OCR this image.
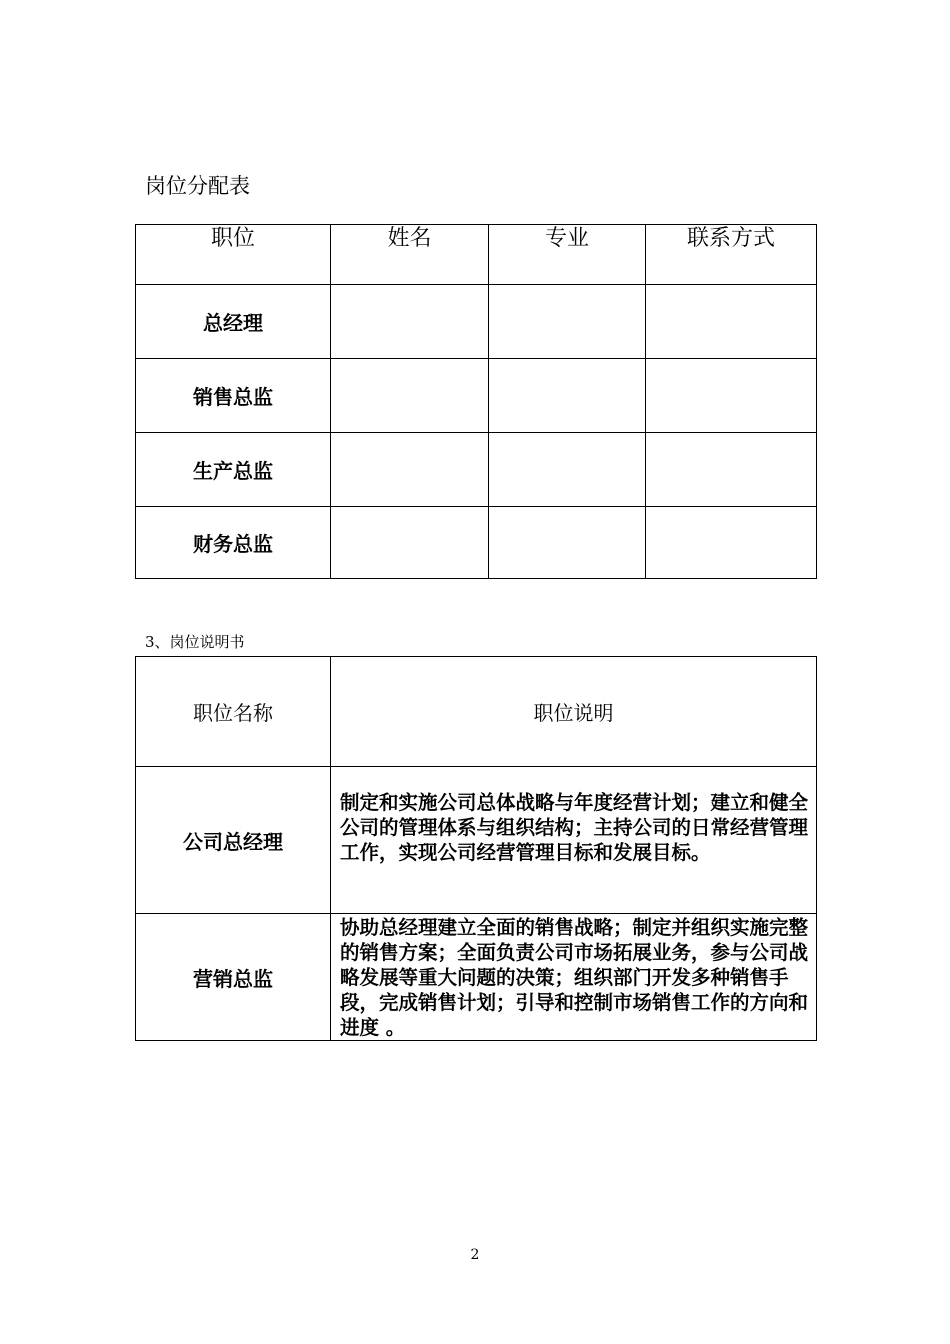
岗位分配表
职位	姓名	专业	联系方式
总经理			
销售总监			
生产总监			
财务总监			
3、岗位说明书
职位名称	职位说明
公司总经理	制定和实施公司总体战略与年度经营计划；建立和健全公司的管理体系与组织结构；主持公司的日常经营管理工作，实现公司经营管理目标和发展目标。
营销总监	协助总经理建立全面的销售战略；制定并组织实施完整的销售方案；全面负责公司市场拓展业务，参与公司战略发展等重大问题的决策；组织部门开发多种销售手段，完成销售计划；引导和控制市场销售工作的方向和进度 。
2
